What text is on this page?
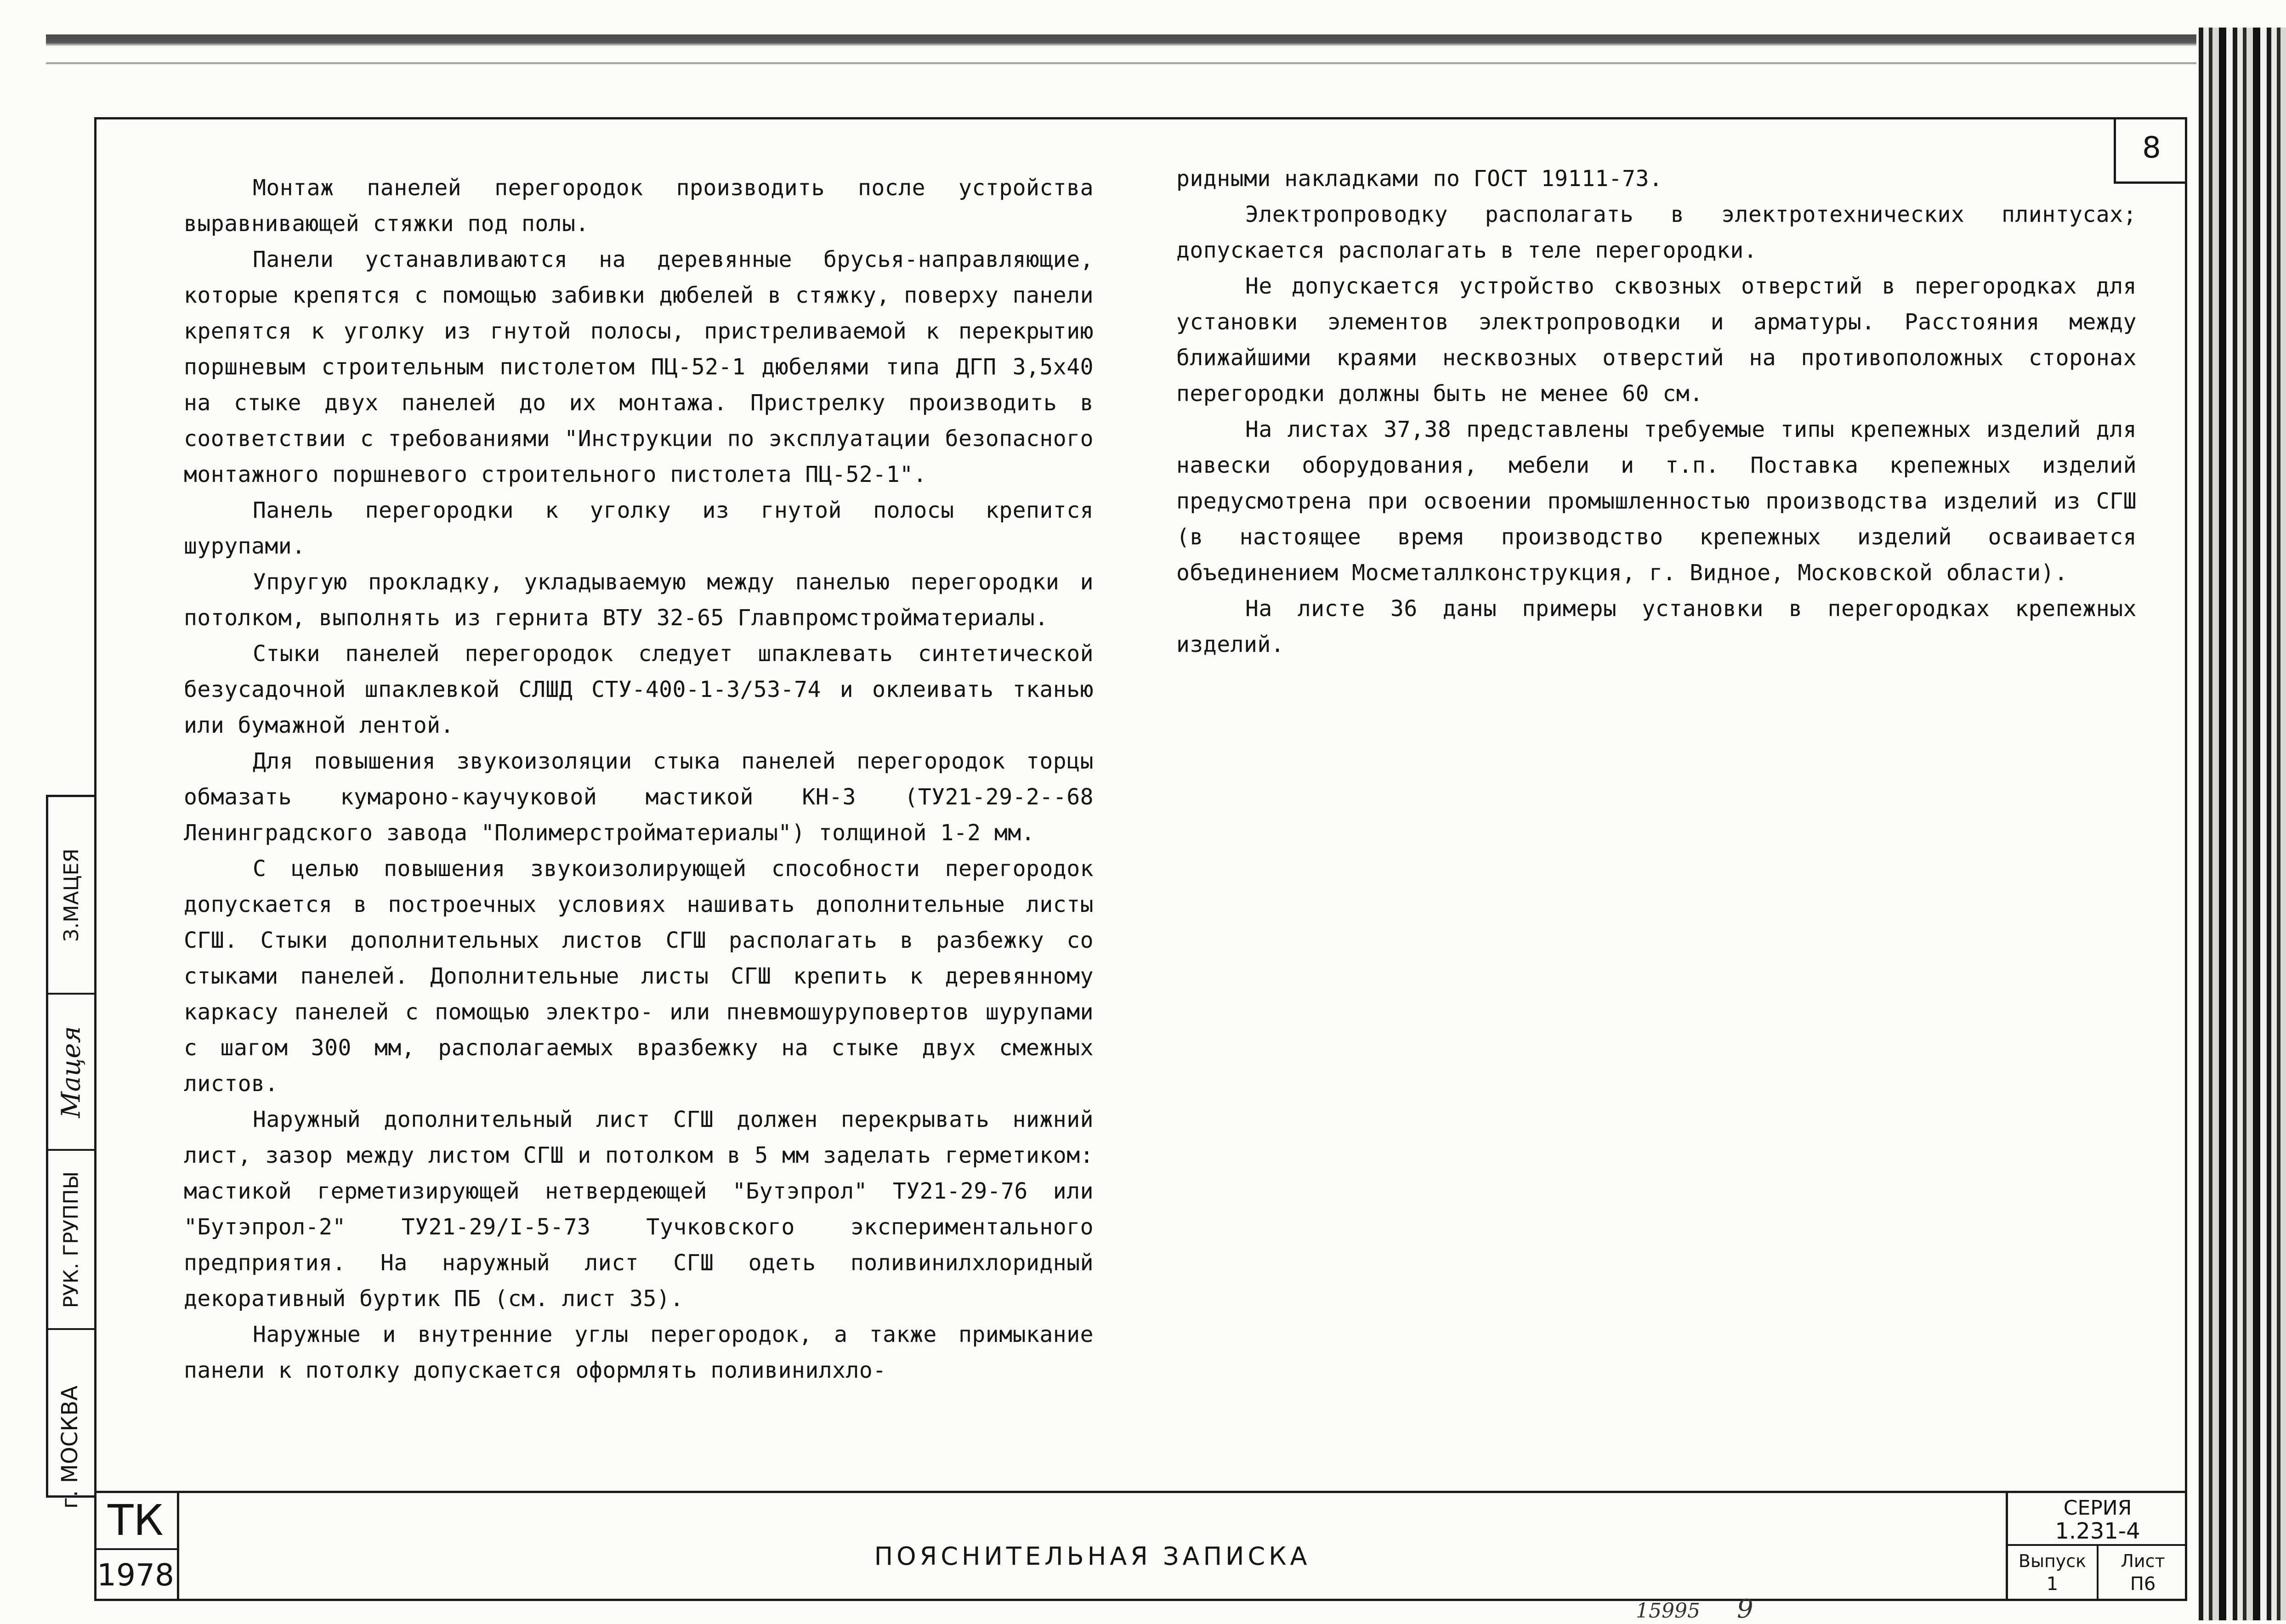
8
З.МАЦЕЯ
Мацея
РУК. ГРУППЫ
г. МОСКВА

Монтаж панелей перегородок производить после устройства выравнивающей стяжки под полы.

Панели устанавливаются на деревянные брусья-направляющие, которые крепятся с помощью забивки дюбелей в стяжку, поверху панели крепятся к уголку из гнутой полосы, пристреливаемой к перекрытию поршневым строительным пистолетом ПЦ-52-1 дюбелями типа ДГП 3,5х40 на стыке двух панелей до их монтажа. Пристрелку производить в соответствии с требованиями "Инструкции по эксплуатации безопасного монтажного поршневого строительного пистолета ПЦ-52-1".

Панель перегородки к уголку из гнутой полосы крепится шурупами.

Упругую прокладку, укладываемую между панелью перегородки и потолком, выполнять из гернита ВТУ 32-65 Главпромстройматериалы.

Стыки панелей перегородок следует шпаклевать синтетической безусадочной шпаклевкой СЛШД СТУ-400-1-3/53-74 и оклеивать тканью или бумажной лентой.

Для повышения звукоизоляции стыка панелей перегородок торцы обмазать кумароно-каучуковой мастикой КН-3 (ТУ21-29-2--68 Ленинградского завода "Полимерстройматериалы") толщиной 1-2 мм.

С целью повышения звукоизолирующей способности перегородок допускается в построечных условиях нашивать дополнительные листы СГШ. Стыки дополнительных листов СГШ располагать в разбежку со стыками панелей. Дополнительные листы СГШ крепить к деревянному каркасу панелей с помощью электро- или пневмошуруповертов шурупами с шагом 300 мм, располагаемых вразбежку на стыке двух смежных листов.

Наружный дополнительный лист СГШ должен перекрывать нижний лист, зазор между листом СГШ и потолком в 5 мм заделать герметиком: мастикой герметизирующей нетвердеющей "Бутэпрол" ТУ21-29-76 или "Бутэпрол-2" ТУ21-29/I-5-73 Тучковского экспериментального предприятия. На наружный лист СГШ одеть поливинилхлоридный декоративный буртик ПБ (см. лист 35).

Наружные и внутренние углы перегородок, а также примыкание панели к потолку допускается оформлять поливинилхло-

ридными накладками по ГОСТ 19111-73.

Электропроводку располагать в электротехнических плинтусах; допускается располагать в теле перегородки.

Не допускается устройство сквозных отверстий в перегородках для установки элементов электропроводки и арматуры. Расстояния между ближайшими краями несквозных отверстий на противоположных сторонах перегородки должны быть не менее 60 см.

На листах 37,38 представлены требуемые типы крепежных изделий для навески оборудования, мебели и т.п. Поставка крепежных изделий предусмотрена при освоении промышленностью производства изделий из СГШ (в настоящее время производство крепежных изделий осваивается объединением Мосметаллконструкция, г. Видное, Московской области).

На листе 36 даны примеры установки в перегородках крепежных изделий.

ТК
1978
ПОЯСНИТЕЛЬНАЯ ЗАПИСКА
СЕРИЯ
1.231-4
Выпуск
1
Лист
П6
15995 9
